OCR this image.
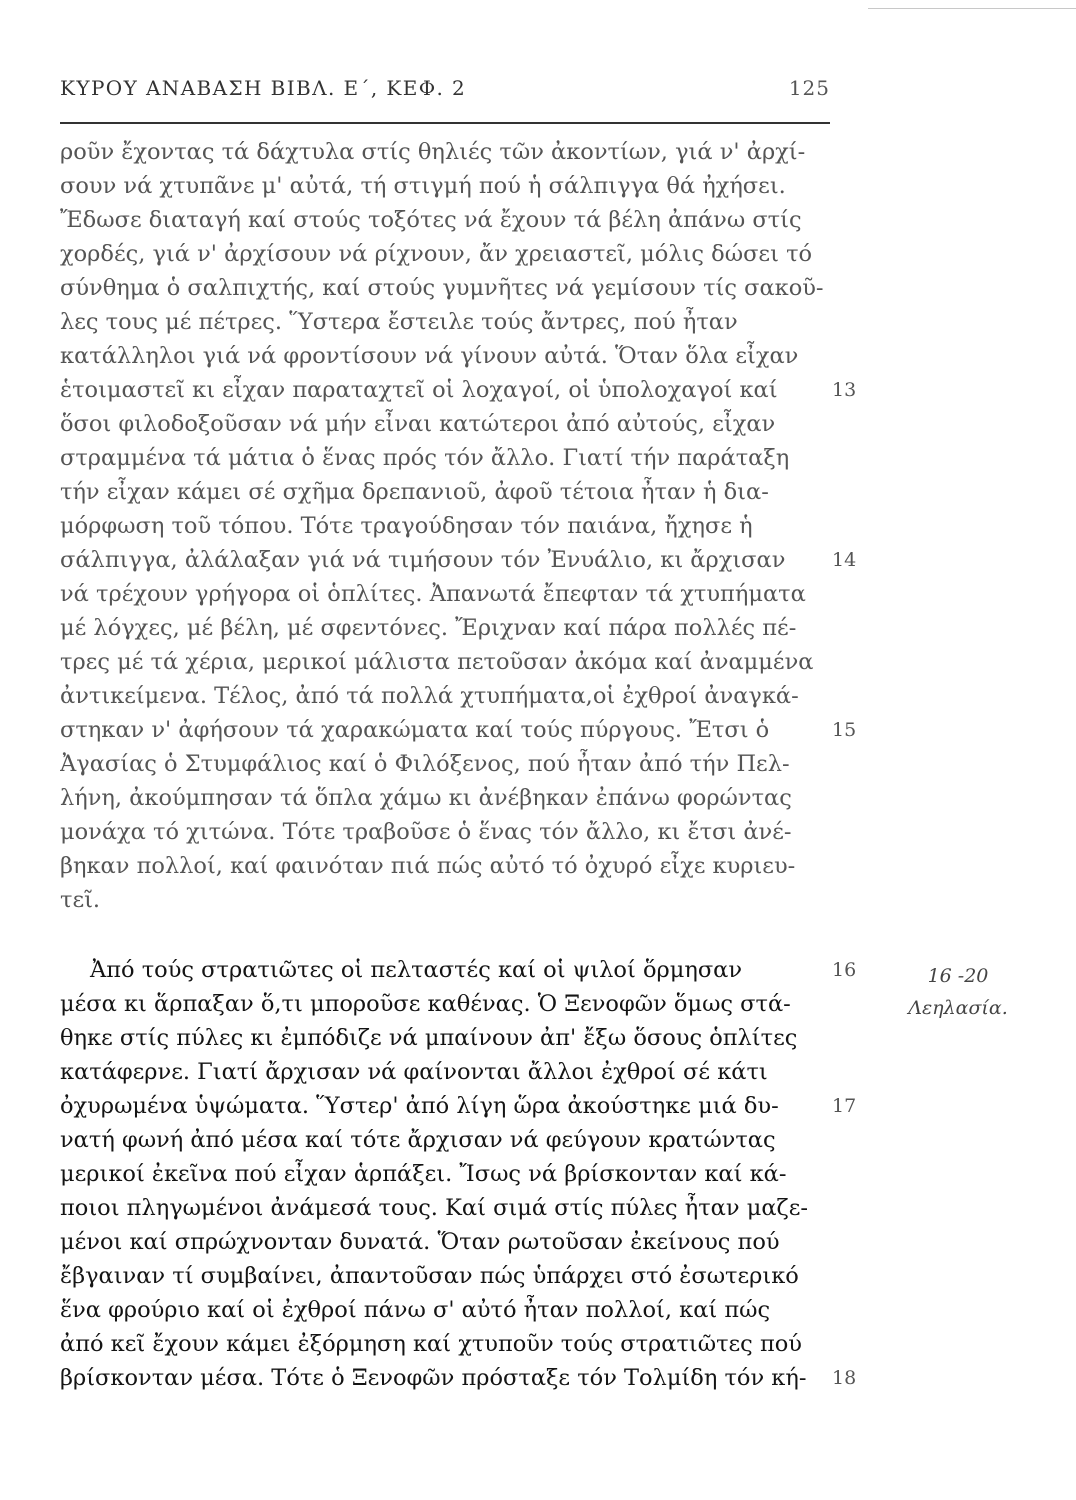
ΚΥΡΟΥ ΑΝΑΒΑΣΗ ΒΙΒΛ. Ε΄, ΚΕΦ. 2	125
ροῦν ἔχοντας τά δάχτυλα στίς θηλιές τῶν ἀκοντίων, γιά ν' ἀρχί-
σουν νά χτυπᾶνε μ' αὐτά, τή στιγμή πού ἡ σάλπιγγα θά ἠχήσει.
Ἔδωσε διαταγή καί στούς τοξότες νά ἔχουν τά βέλη ἀπάνω στίς
χορδές, γιά ν' ἀρχίσουν νά ρίχνουν, ἄν χρειαστεῖ, μόλις δώσει τό
σύνθημα ὁ σαλπιχτής, καί στούς γυμνῆτες νά γεμίσουν τίς σακοῦ-
λες τους μέ πέτρες. Ὕστερα ἔστειλε τούς ἄντρες, πού ἦταν
κατάλληλοι γιά νά φροντίσουν νά γίνουν αὐτά. Ὅταν ὅλα εἶχαν
ἑτοιμαστεῖ κι εἶχαν παραταχτεῖ οἱ λοχαγοί, οἱ ὑπολοχαγοί καί
ὅσοι φιλοδοξοῦσαν νά μήν εἶναι κατώτεροι ἀπό αὐτούς, εἶχαν
στραμμένα τά μάτια ὁ ἕνας πρός τόν ἄλλο. Γιατί τήν παράταξη
τήν εἶχαν κάμει σέ σχῆμα δρεπανιοῦ, ἀφοῦ τέτοια ἦταν ἡ δια-
μόρφωση τοῦ τόπου. Τότε τραγούδησαν τόν παιάνα, ἤχησε ἡ
σάλπιγγα, ἀλάλαξαν γιά νά τιμήσουν τόν Ἐνυάλιο, κι ἄρχισαν
νά τρέχουν γρήγορα οἱ ὁπλίτες. Ἀπανωτά ἔπεφταν τά χτυπήματα
μέ λόγχες, μέ βέλη, μέ σφεντόνες. Ἔριχναν καί πάρα πολλές πέ-
τρες μέ τά χέρια, μερικοί μάλιστα πετοῦσαν ἀκόμα καί ἀναμμένα
ἀντικείμενα. Τέλος, ἀπό τά πολλά χτυπήματα,οἱ ἐχθροί ἀναγκά-
στηκαν ν' ἀφήσουν τά χαρακώματα καί τούς πύργους. Ἔτσι ὁ
Ἀγασίας ὁ Στυμφάλιος καί ὁ Φιλόξενος, πού ἦταν ἀπό τήν Πελ-
λήνη, ἀκούμπησαν τά ὅπλα χάμω κι ἀνέβηκαν ἐπάνω φορώντας
μονάχα τό χιτώνα. Τότε τραβοῦσε ὁ ἕνας τόν ἄλλο, κι ἔτσι ἀνέ-
βηκαν πολλοί, καί φαινόταν πιά πώς αὐτό τό ὀχυρό εἶχε κυριευ-
τεῖ.
Ἀπό τούς στρατιῶτες οἱ πελταστές καί οἱ ψιλοί ὅρμησαν
μέσα κι ἅρπαξαν ὅ,τι μποροῦσε καθένας. Ὁ Ξενοφῶν ὅμως στά-
θηκε στίς πύλες κι ἐμπόδιζε νά μπαίνουν ἀπ' ἔξω ὅσους ὁπλίτες
κατάφερνε. Γιατί ἄρχισαν νά φαίνονται ἄλλοι ἐχθροί σέ κάτι
ὀχυρωμένα ὑψώματα. Ὕστερ' ἀπό λίγη ὥρα ἀκούστηκε μιά δυ-
νατή φωνή ἀπό μέσα καί τότε ἄρχισαν νά φεύγουν κρατώντας
μερικοί ἐκεῖνα πού εἶχαν ἁρπάξει. Ἴσως νά βρίσκονταν καί κά-
ποιοι πληγωμένοι ἀνάμεσά τους. Καί σιμά στίς πύλες ἦταν μαζε-
μένοι καί σπρώχνονταν δυνατά. Ὅταν ρωτοῦσαν ἐκείνους πού
ἔβγαιναν τί συμβαίνει, ἀπαντοῦσαν πώς ὑπάρχει στό ἐσωτερικό
ἕνα φρούριο καί οἱ ἐχθροί πάνω σ' αὐτό ἦταν πολλοί, καί πώς
ἀπό κεῖ ἔχουν κάμει ἐξόρμηση καί χτυποῦν τούς στρατιῶτες πού
βρίσκονταν μέσα. Τότε ὁ Ξενοφῶν πρόσταξε τόν Τολμίδη τόν κή-
13
14
15
16
17
18
16 -20
Λεηλασία.
